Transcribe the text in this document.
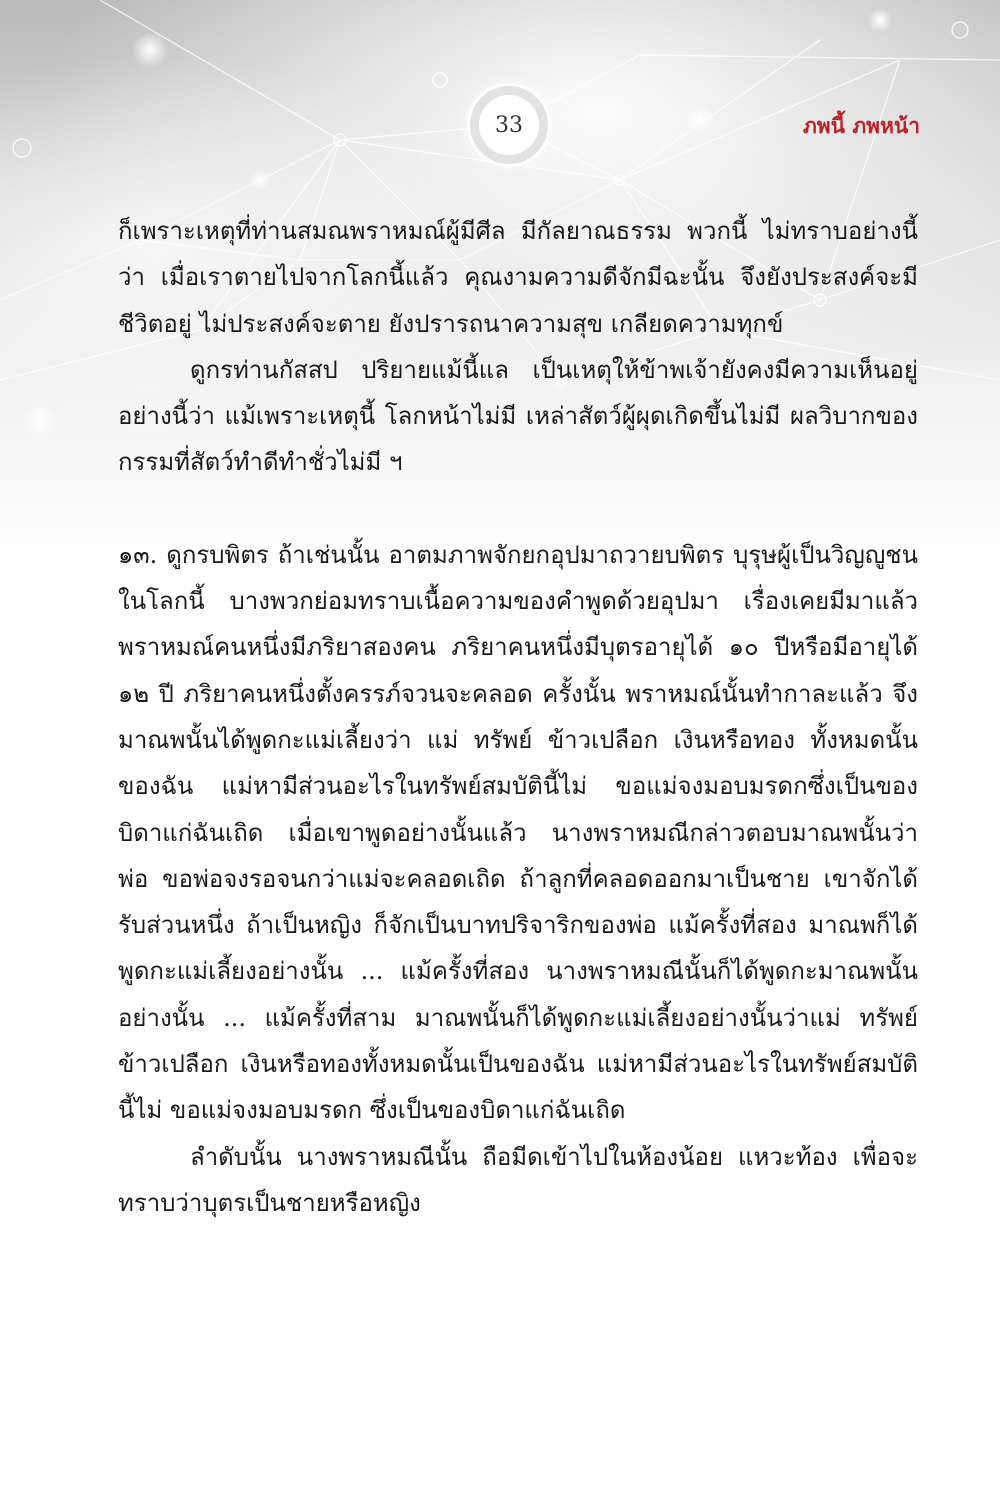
33	ภพนี้ ภพหน้า

ก็เพราะเหตุที่ท่านสมณพราหมณ์ผู้มีศีล มีกัลยาณธรรม พวกนี้ ไม่ทราบอย่างนี้ว่า เมื่อเราตายไปจากโลกนี้แล้ว คุณงามความดีจักมีฉะนั้น จึงยังประสงค์จะมีชีวิตอยู่ ไม่ประสงค์จะตาย ยังปรารถนาความสุข เกลียดความทุกข์

ดูกรท่านกัสสป ปริยายแม้นี้แล เป็นเหตุให้ข้าพเจ้ายังคงมีความเห็นอยู่อย่างนี้ว่า แม้เพราะเหตุนี้ โลกหน้าไม่มี เหล่าสัตว์ผู้ผุดเกิดขึ้นไม่มี ผลวิบากของกรรมที่สัตว์ทำดีทำชั่วไม่มี ฯ

๑๓. ดูกรบพิตร ถ้าเช่นนั้น อาตมภาพจักยกอุปมาถวายบพิตร บุรุษผู้เป็นวิญญูชนในโลกนี้ บางพวกย่อมทราบเนื้อความของคำพูดด้วยอุปมา เรื่องเคยมีมาแล้ว พราหมณ์คนหนึ่งมีภริยาสองคน ภริยาคนหนึ่งมีบุตรอายุได้ ๑๐ ปีหรือมีอายุได้ ๑๒ ปี ภริยาคนหนึ่งตั้งครรภ์จวนจะคลอด ครั้งนั้น พราหมณ์นั้นทำกาละแล้ว จึงมาณพนั้นได้พูดกะแม่เลี้ยงว่า แม่ ทรัพย์ ข้าวเปลือก เงินหรือทอง ทั้งหมดนั้นของฉัน แม่หามีส่วนอะไรในทรัพย์สมบัตินี้ไม่ ขอแม่จงมอบมรดกซึ่งเป็นของบิดาแก่ฉันเถิด เมื่อเขาพูดอย่างนั้นแล้ว นางพราหมณีกล่าวตอบมาณพนั้นว่า พ่อ ขอพ่อจงรอจนกว่าแม่จะคลอดเถิด ถ้าลูกที่คลอดออกมาเป็นชาย เขาจักได้รับส่วนหนึ่ง ถ้าเป็นหญิง ก็จักเป็นบาทปริจาริกของพ่อ แม้ครั้งที่สอง มาณพก็ได้พูดกะแม่เลี้ยงอย่างนั้น ... แม้ครั้งที่สอง นางพราหมณีนั้นก็ได้พูดกะมาณพนั้นอย่างนั้น ... แม้ครั้งที่สาม มาณพนั้นก็ได้พูดกะแม่เลี้ยงอย่างนั้นว่าแม่ ทรัพย์ ข้าวเปลือก เงินหรือทองทั้งหมดนั้นเป็นของฉัน แม่หามีส่วนอะไรในทรัพย์สมบัตินี้ไม่ ขอแม่จงมอบมรดก ซึ่งเป็นของบิดาแก่ฉันเถิด

ลำดับนั้น นางพราหมณีนั้น ถือมีดเข้าไปในห้องน้อย แหวะท้อง เพื่อจะทราบว่าบุตรเป็นชายหรือหญิง
